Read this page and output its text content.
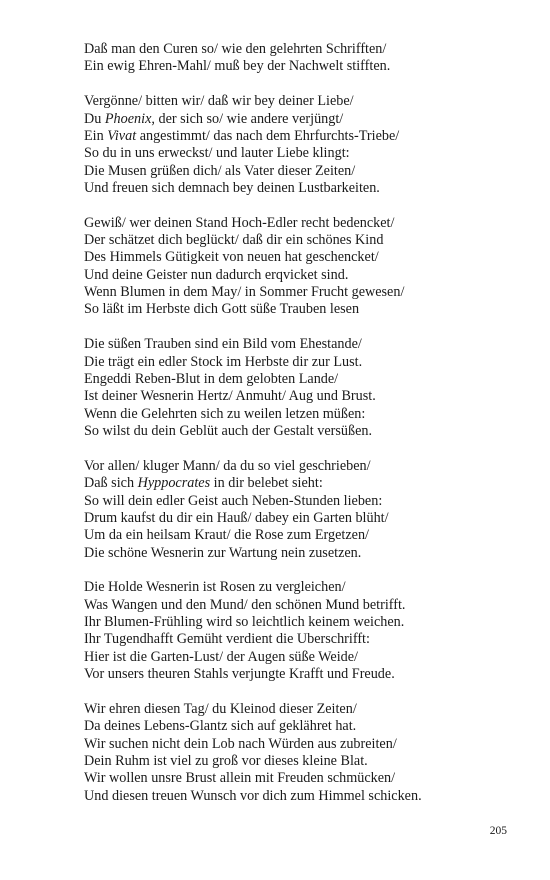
Daß man den Curen so/ wie den gelehrten Schrifften/
Ein ewig Ehren-Mahl/ muß bey der Nachwelt stifften.
Vergönne/ bitten wir/ daß wir bey deiner Liebe/
Du Phoenix, der sich so/ wie andere verjüngt/
Ein Vivat angestimmt/ das nach dem Ehrfurchts-Triebe/
So du in uns erweckst/ und lauter Liebe klingt:
Die Musen grüßen dich/ als Vater dieser Zeiten/
Und freuen sich demnach bey deinen Lustbarkeiten.
Gewiß/ wer deinen Stand Hoch-Edler recht bedencket/
Der schätzet dich beglückt/ daß dir ein schönes Kind
Des Himmels Gütigkeit von neuen hat geschencket/
Und deine Geister nun dadurch erqvicket sind.
Wenn Blumen in dem May/ in Sommer Frucht gewesen/
So läßt im Herbste dich Gott süße Trauben lesen
Die süßen Trauben sind ein Bild vom Ehestande/
Die trägt ein edler Stock im Herbste dir zur Lust.
Engeddi Reben-Blut in dem gelobten Lande/
Ist deiner Wesnerin Hertz/ Anmuht/ Aug und Brust.
Wenn die Gelehrten sich zu weilen letzen müßen:
So wilst du dein Geblüt auch der Gestalt versüßen.
Vor allen/ kluger Mann/ da du so viel geschrieben/
Daß sich Hyppocrates in dir belebet sieht:
So will dein edler Geist auch Neben-Stunden lieben:
Drum kaufst du dir ein Hauß/ dabey ein Garten blüht/
Um da ein heilsam Kraut/ die Rose zum Ergetzen/
Die schöne Wesnerin zur Wartung nein zusetzen.
Die Holde Wesnerin ist Rosen zu vergleichen/
Was Wangen und den Mund/ den schönen Mund betrifft.
Ihr Blumen-Frühling wird so leichtlich keinem weichen.
Ihr Tugendhafft Gemüht verdient die Uberschrifft:
Hier ist die Garten-Lust/ der Augen süße Weide/
Vor unsers theuren Stahls verjungte Krafft und Freude.
Wir ehren diesen Tag/ du Kleinod dieser Zeiten/
Da deines Lebens-Glantz sich auf geklähret hat.
Wir suchen nicht dein Lob nach Würden aus zubreiten/
Dein Ruhm ist viel zu groß vor dieses kleine Blat.
Wir wollen unsre Brust allein mit Freuden schmücken/
Und diesen treuen Wunsch vor dich zum Himmel schicken.
205
